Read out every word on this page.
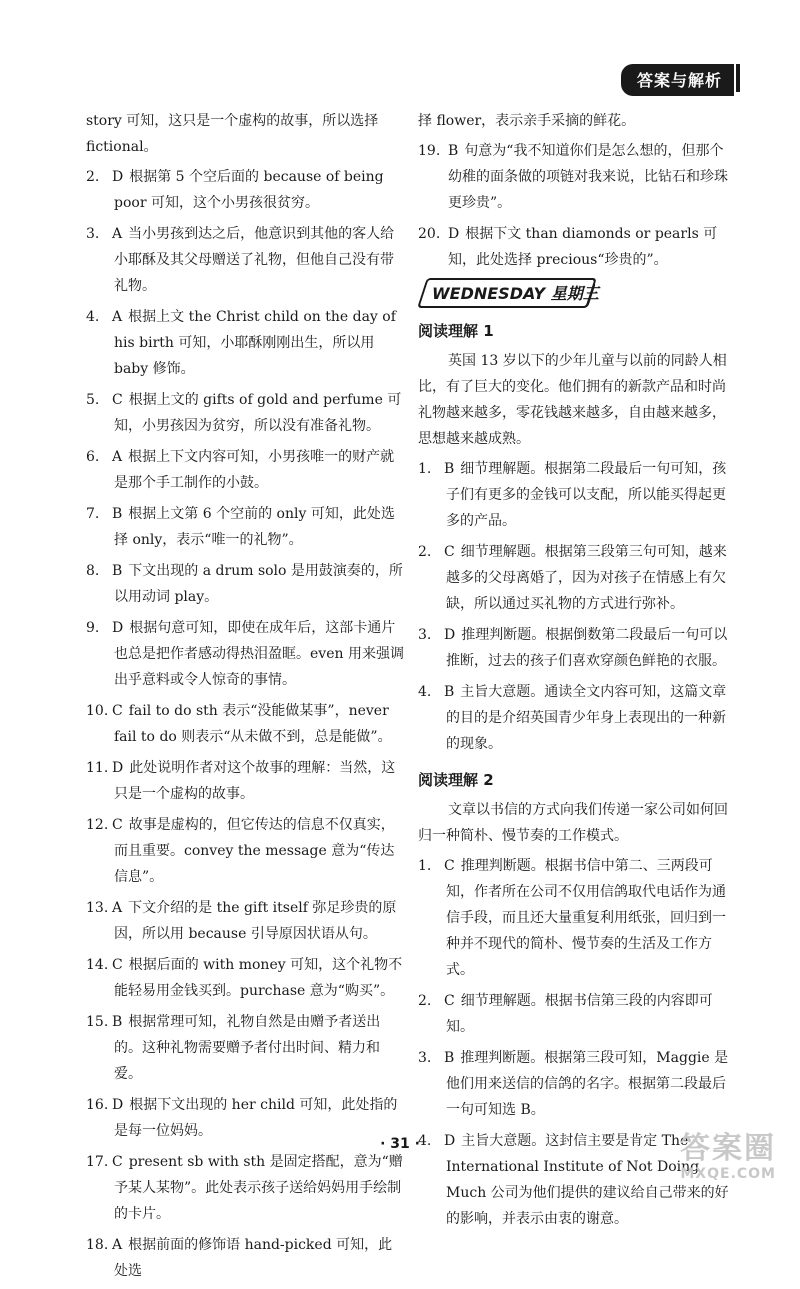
答案与解析

story 可知，这只是一个虚构的故事，所以选择 fictional。

2. D 根据第 5 个空后面的 because of being poor 可知，这个小男孩很贫穷。

3. A 当小男孩到达之后，他意识到其他的客人给小耶酥及其父母赠送了礼物，但他自己没有带礼物。

4. A 根据上文 the Christ child on the day of his birth 可知，小耶酥刚刚出生，所以用 baby 修饰。

5. C 根据上文的 gifts of gold and perfume 可知，小男孩因为贫穷，所以没有准备礼物。

6. A 根据上下文内容可知，小男孩唯一的财产就是那个手工制作的小鼓。

7. B 根据上文第 6 个空前的 only 可知，此处选择 only，表示“唯一的礼物”。

8. B 下文出现的 a drum solo 是用鼓演奏的，所以用动词 play。

9. D 根据句意可知，即使在成年后，这部卡通片也总是把作者感动得热泪盈眶。even 用来强调出乎意料或令人惊奇的事情。

10. C fail to do sth 表示“没能做某事”，never fail to do 则表示“从未做不到，总是能做”。

11. D 此处说明作者对这个故事的理解：当然，这只是一个虚构的故事。

12. C 故事是虚构的，但它传达的信息不仅真实，而且重要。convey the message 意为“传达信息”。

13. A 下文介绍的是 the gift itself 弥足珍贵的原因，所以用 because 引导原因状语从句。

14. C 根据后面的 with money 可知，这个礼物不能轻易用金钱买到。purchase 意为“购买”。

15. B 根据常理可知，礼物自然是由赠予者送出的。这种礼物需要赠予者付出时间、精力和爱。

16. D 根据下文出现的 her child 可知，此处指的是每一位妈妈。

17. C present sb with sth 是固定搭配，意为“赠予某人某物”。此处表示孩子送给妈妈用手绘制的卡片。

18. A 根据前面的修饰语 hand-picked 可知，此处选

择 flower，表示亲手采摘的鲜花。

19. B 句意为“我不知道你们是怎么想的，但那个幼稚的面条做的项链对我来说，比钻石和珍珠更珍贵”。

20. D 根据下文 than diamonds or pearls 可知，此处选择 precious“珍贵的”。

WEDNESDAY 星期三
阅读理解 1

英国 13 岁以下的少年儿童与以前的同龄人相比，有了巨大的变化。他们拥有的新款产品和时尚礼物越来越多，零花钱越来越多，自由越来越多，思想越来越成熟。

1. B 细节理解题。根据第二段最后一句可知，孩子们有更多的金钱可以支配，所以能买得起更多的产品。

2. C 细节理解题。根据第三段第三句可知，越来越多的父母离婚了，因为对孩子在情感上有欠缺，所以通过买礼物的方式进行弥补。

3. D 推理判断题。根据倒数第二段最后一句可以推断，过去的孩子们喜欢穿颜色鲜艳的衣服。

4. B 主旨大意题。通读全文内容可知，这篇文章的目的是介绍英国青少年身上表现出的一种新的现象。

阅读理解 2

文章以书信的方式向我们传递一家公司如何回归一种简朴、慢节奏的工作模式。

1. C 推理判断题。根据书信中第二、三两段可知，作者所在公司不仅用信鸽取代电话作为通信手段，而且还大量重复利用纸张，回归到一种并不现代的简朴、慢节奏的生活及工作方式。

2. C 细节理解题。根据书信第三段的内容即可知。

3. B 推理判断题。根据第三段可知，Maggie 是他们用来送信的信鸽的名字。根据第二段最后一句可知选 B。

4. D 主旨大意题。这封信主要是肯定 The International Institute of Not Doing Much 公司为他们提供的建议给自己带来的好的影响，并表示由衷的谢意。

· 31 ·	答案圈
MXQE.COM
